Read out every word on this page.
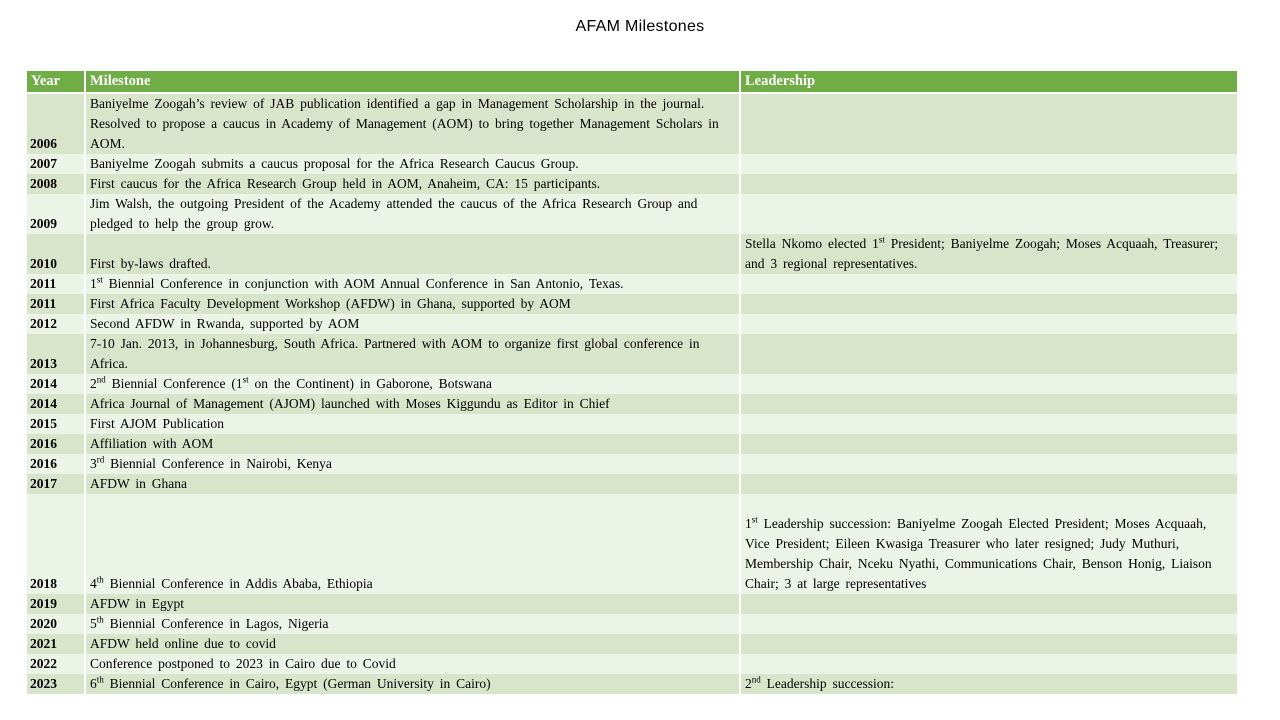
AFAM Milestones
Year	Milestone	Leadership
2006	Baniyelme Zoogah’s review of JAB publication identified a gap in Management Scholarship in the journal. Resolved to propose a caucus in Academy of Management (AOM) to bring together Management Scholars in AOM.	
2007	Baniyelme Zoogah submits a caucus proposal for the Africa Research Caucus Group.	
2008	First caucus for the Africa Research Group held in AOM, Anaheim, CA: 15 participants.	
2009	Jim Walsh, the outgoing President of the Academy attended the caucus of the Africa Research Group and pledged to help the group grow.	
2010	First by-laws drafted.	Stella Nkomo elected 1st President; Baniyelme Zoogah; Moses Acquaah, Treasurer; and 3 regional representatives.
2011	1st Biennial Conference in conjunction with AOM Annual Conference in San Antonio, Texas.	
2011	First Africa Faculty Development Workshop (AFDW) in Ghana, supported by AOM	
2012	Second AFDW in Rwanda, supported by AOM	
2013	7-10 Jan. 2013, in Johannesburg, South Africa. Partnered with AOM to organize first global conference in Africa.	
2014	2nd Biennial Conference (1st on the Continent) in Gaborone, Botswana	
2014	Africa Journal of Management (AJOM) launched with Moses Kiggundu as Editor in Chief	
2015	First AJOM Publication	
2016	Affiliation with AOM	
2016	3rd Biennial Conference in Nairobi, Kenya	
2017	AFDW in Ghana	
2018	4th Biennial Conference in Addis Ababa, Ethiopia	1st Leadership succession: Baniyelme Zoogah Elected President; Moses Acquaah, Vice President; Eileen Kwasiga Treasurer who later resigned; Judy Muthuri, Membership Chair, Nceku Nyathi, Communications Chair, Benson Honig, Liaison Chair; 3 at large representatives
2019	AFDW in Egypt	
2020	5th Biennial Conference in Lagos, Nigeria	
2021	AFDW held online due to covid	
2022	Conference postponed to 2023 in Cairo due to Covid	
2023	6th Biennial Conference in Cairo, Egypt (German University in Cairo)	2nd Leadership succession:
